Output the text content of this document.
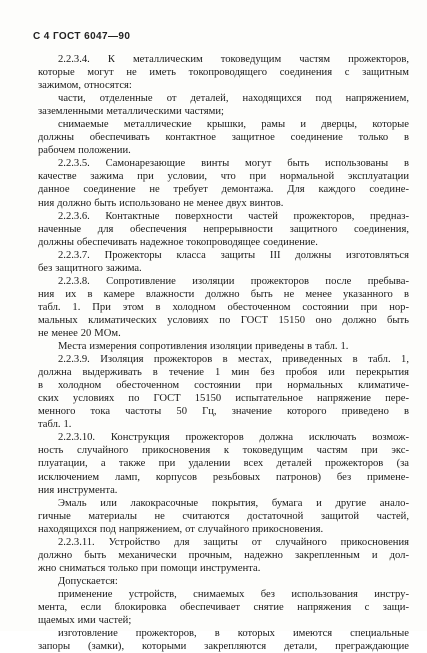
С 4 ГОСТ 6047—90
2.2.3.4. К металлическим токоведущим частям прожекторов,
которые могут не иметь токопроводящего соединения с защитным
зажимом, относятся:
части, отделенные от деталей, находящихся под напряжением,
заземленными металлическими частями;
снимаемые металлические крышки, рамы и дверцы, которые
должны обеспечивать контактное защитное соединение только в
рабочем положении.
2.2.3.5. Самонарезающие винты могут быть использованы в
качестве зажима при условии, что при нормальной эксплуатации
данное соединение не требует демонтажа. Для каждого соедине-
ния должно быть использовано не менее двух винтов.
2.2.3.6. Контактные поверхности частей прожекторов, предназ-
наченные для обеспечения непрерывности защитного соединения,
должны обеспечивать надежное токопроводящее соединение.
2.2.3.7. Прожекторы класса защиты III должны изготовляться
без защитного зажима.
2.2.3.8. Сопротивление изоляции прожекторов после пребыва-
ния их в камере влажности должно быть не менее указанного в
табл. 1. При этом в холодном обесточенном состоянии при нор-
мальных климатических условиях по ГОСТ 15150 оно должно быть
не менее 20 МОм.
Места измерения сопротивления изоляции приведены в табл. 1.
2.2.3.9. Изоляция прожекторов в местах, приведенных в табл. 1,
должна выдерживать в течение 1 мин без пробоя или перекрытия
в холодном обесточенном состоянии при нормальных климатиче-
ских условиях по ГОСТ 15150 испытательное напряжение пере-
менного тока частоты 50 Гц, значение которого приведено в
табл. 1.
2.2.3.10. Конструкция прожекторов должна исключать возмож-
ность случайного прикосновения к токоведущим частям при экс-
плуатации, а также при удалении всех деталей прожекторов (за
исключением ламп, корпусов резьбовых патронов) без примене-
ния инструмента.
Эмаль или лакокрасочные покрытия, бумага и другие анало-
гичные материалы не считаются достаточной защитой частей,
находящихся под напряжением, от случайного прикосновения.
2.2.3.11. Устройство для защиты от случайного прикосновения
должно быть механически прочным, надежно закрепленным и дол-
жно сниматься только при помощи инструмента.
Допускается:
применение устройств, снимаемых без использования инстру-
мента, если блокировка обеспечивает снятие напряжения с защи-
щаемых ими частей;
изготовление прожекторов, в которых имеются специальные
запоры (замки), которыми закрепляются детали, преграждающие
